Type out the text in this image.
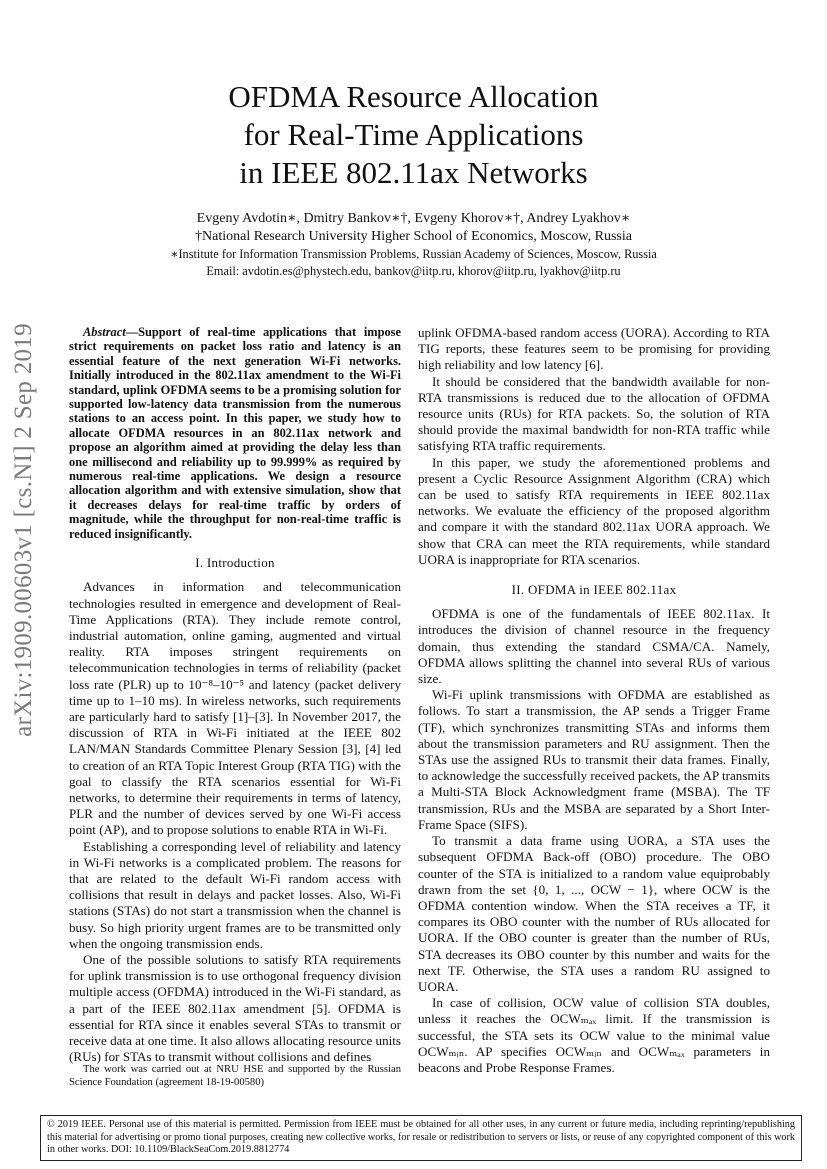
arXiv:1909.00603v1 [cs.NI] 2 Sep 2019
OFDMA Resource Allocation
for Real-Time Applications
in IEEE 802.11ax Networks
Evgeny Avdotin∗, Dmitry Bankov∗†, Evgeny Khorov∗†, Andrey Lyakhov∗
†National Research University Higher School of Economics, Moscow, Russia
∗Institute for Information Transmission Problems, Russian Academy of Sciences, Moscow, Russia
Email: avdotin.es@phystech.edu, bankov@iitp.ru, khorov@iitp.ru, lyakhov@iitp.ru

Abstract—Support of real-time applications that impose strict requirements on packet loss ratio and latency is an essential feature of the next generation Wi-Fi networks. Initially introduced in the 802.11ax amendment to the Wi-Fi standard, uplink OFDMA seems to be a promising solution for supported low-latency data transmission from the numerous stations to an access point. In this paper, we study how to allocate OFDMA resources in an 802.11ax network and propose an algorithm aimed at providing the delay less than one millisecond and reliability up to 99.999% as required by numerous real-time applications. We design a resource allocation algorithm and with extensive simulation, show that it decreases delays for real-time traffic by orders of magnitude, while the throughput for non-real-time traffic is reduced insignificantly.

I. Introduction

Advances in information and telecommunication technologies resulted in emergence and development of Real-Time Applications (RTA). They include remote control, industrial automation, online gaming, augmented and virtual reality. RTA imposes stringent requirements on telecommunication technologies in terms of reliability (packet loss rate (PLR) up to 10⁻⁸–10⁻⁵ and latency (packet delivery time up to 1–10 ms). In wireless networks, such requirements are particularly hard to satisfy [1]–[3]. In November 2017, the discussion of RTA in Wi-Fi initiated at the IEEE 802 LAN/MAN Standards Committee Plenary Session [3], [4] led to creation of an RTA Topic Interest Group (RTA TIG) with the goal to classify the RTA scenarios essential for Wi-Fi networks, to determine their requirements in terms of latency, PLR and the number of devices served by one Wi-Fi access point (AP), and to propose solutions to enable RTA in Wi-Fi.

Establishing a corresponding level of reliability and latency in Wi-Fi networks is a complicated problem. The reasons for that are related to the default Wi-Fi random access with collisions that result in delays and packet losses. Also, Wi-Fi stations (STAs) do not start a transmission when the channel is busy. So high priority urgent frames are to be transmitted only when the ongoing transmission ends.

One of the possible solutions to satisfy RTA requirements for uplink transmission is to use orthogonal frequency division multiple access (OFDMA) introduced in the Wi-Fi standard, as a part of the IEEE 802.11ax amendment [5]. OFDMA is essential for RTA since it enables several STAs to transmit or receive data at one time. It also allows allocating resource units (RUs) for STAs to transmit without collisions and defines

uplink OFDMA-based random access (UORA). According to RTA TIG reports, these features seem to be promising for providing high reliability and low latency [6].

It should be considered that the bandwidth available for non-RTA transmissions is reduced due to the allocation of OFDMA resource units (RUs) for RTA packets. So, the solution of RTA should provide the maximal bandwidth for non-RTA traffic while satisfying RTA traffic requirements.

In this paper, we study the aforementioned problems and present a Cyclic Resource Assignment Algorithm (CRA) which can be used to satisfy RTA requirements in IEEE 802.11ax networks. We evaluate the efficiency of the proposed algorithm and compare it with the standard 802.11ax UORA approach. We show that CRA can meet the RTA requirements, while standard UORA is inappropriate for RTA scenarios.

II. OFDMA in IEEE 802.11ax

OFDMA is one of the fundamentals of IEEE 802.11ax. It introduces the division of channel resource in the frequency domain, thus extending the standard CSMA/CA. Namely, OFDMA allows splitting the channel into several RUs of various size.

Wi-Fi uplink transmissions with OFDMA are established as follows. To start a transmission, the AP sends a Trigger Frame (TF), which synchronizes transmitting STAs and informs them about the transmission parameters and RU assignment. Then the STAs use the assigned RUs to transmit their data frames. Finally, to acknowledge the successfully received packets, the AP transmits a Multi-STA Block Acknowledgment frame (MSBA). The TF transmission, RUs and the MSBA are separated by a Short Inter-Frame Space (SIFS).

To transmit a data frame using UORA, a STA uses the subsequent OFDMA Back-off (OBO) procedure. The OBO counter of the STA is initialized to a random value equiprobably drawn from the set {0, 1, ..., OCW − 1}, where OCW is the OFDMA contention window. When the STA receives a TF, it compares its OBO counter with the number of RUs allocated for UORA. If the OBO counter is greater than the number of RUs, STA decreases its OBO counter by this number and waits for the next TF. Otherwise, the STA uses a random RU assigned to UORA.

In case of collision, OCW value of collision STA doubles, unless it reaches the OCWₘₐₓ limit. If the transmission is successful, the STA sets its OCW value to the minimal value OCWₘᵢₙ. AP specifies OCWₘᵢₙ and OCWₘₐₓ parameters in beacons and Probe Response Frames.

The work was carried out at NRU HSE and supported by the Russian Science Foundation (agreement 18-19-00580)

© 2019 IEEE. Personal use of this material is permitted. Permission from IEEE must be obtained for all other uses, in any current or future media, including reprinting/republishing this material for advertising or promo tional purposes, creating new collective works, for resale or redistribution to servers or lists, or reuse of any copyrighted component of this work in other works. DOI: 10.1109/BlackSeaCom.2019.8812774
